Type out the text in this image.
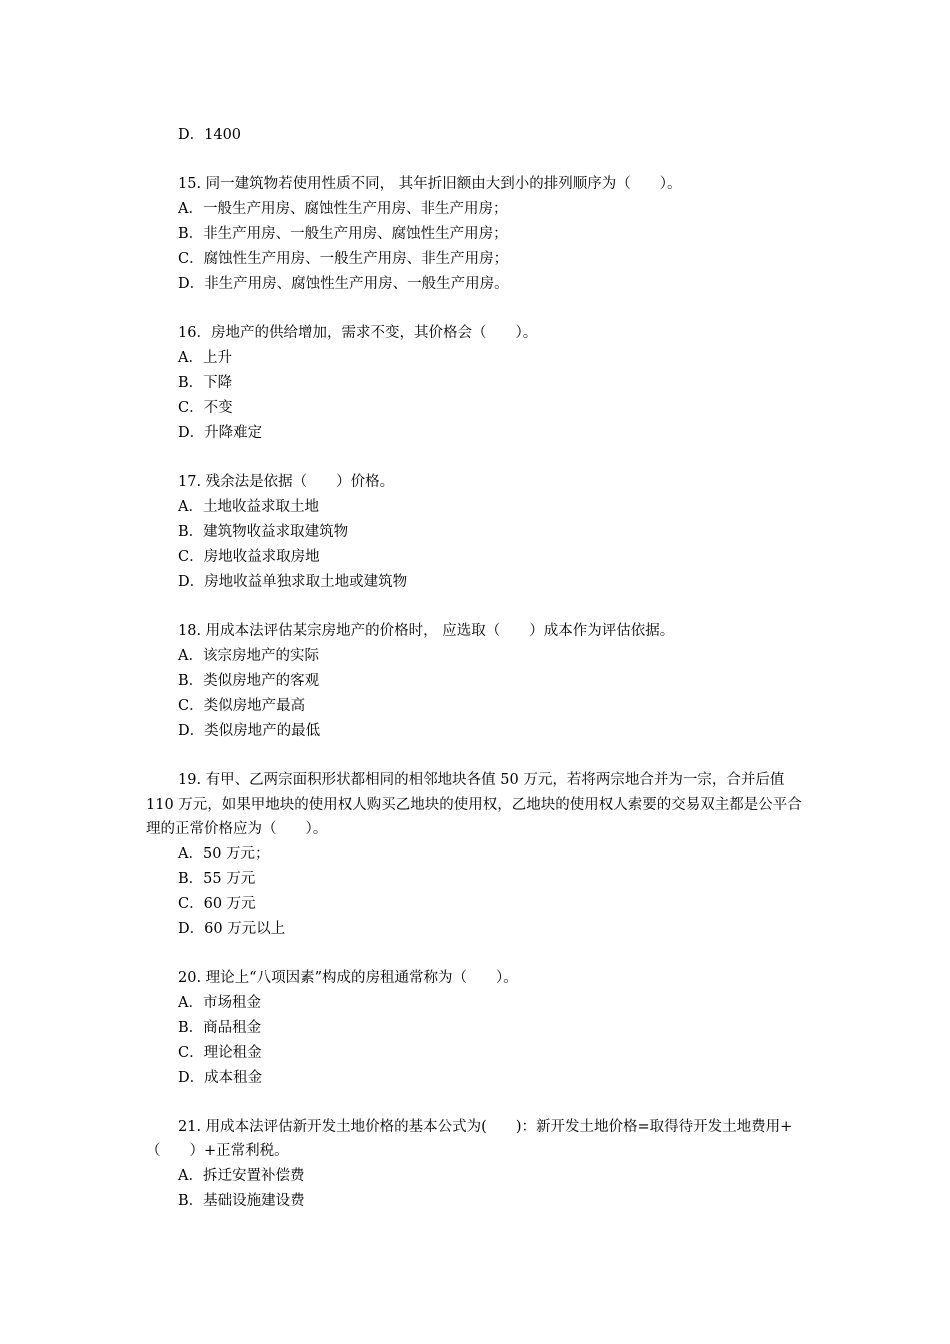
D．1400
15. 同一建筑物若使用性质不同， 其年折旧额由大到小的排列顺序为（　　）。
A．一般生产用房、腐蚀性生产用房、非生产用房；
B．非生产用房、一般生产用房、腐蚀性生产用房；
C．腐蚀性生产用房、一般生产用房、非生产用房；
D．非生产用房、腐蚀性生产用房、一般生产用房。
16．房地产的供给增加，需求不变，其价格会（　　）。
A．上升
B．下降
C．不变
D．升降难定
17. 残余法是依据（　　）价格。
A．土地收益求取土地
B．建筑物收益求取建筑物
C．房地收益求取房地
D．房地收益单独求取土地或建筑物
18. 用成本法评估某宗房地产的价格时， 应选取（　　）成本作为评估依据。
A．该宗房地产的实际
B．类似房地产的客观
C．类似房地产最高
D．类似房地产的最低
19. 有甲、乙两宗面积形状都相同的相邻地块各值 50 万元，若将两宗地合并为一宗，合并后值 110 万元，如果甲地块的使用权人购买乙地块的使用权，乙地块的使用权人索要的交易双主都是公平合理的正常价格应为（　　）。
A．50 万元；
B．55 万元
C．60 万元
D．60 万元以上
20. 理论上“八项因素”构成的房租通常称为（　　）。
A．市场租金
B．商品租金
C．理论租金
D．成本租金
21. 用成本法评估新开发土地价格的基本公式为(　　)：新开发土地价格=取得待开发土地费用+（　　）+正常利税。
A．拆迁安置补偿费
B．基础设施建设费
